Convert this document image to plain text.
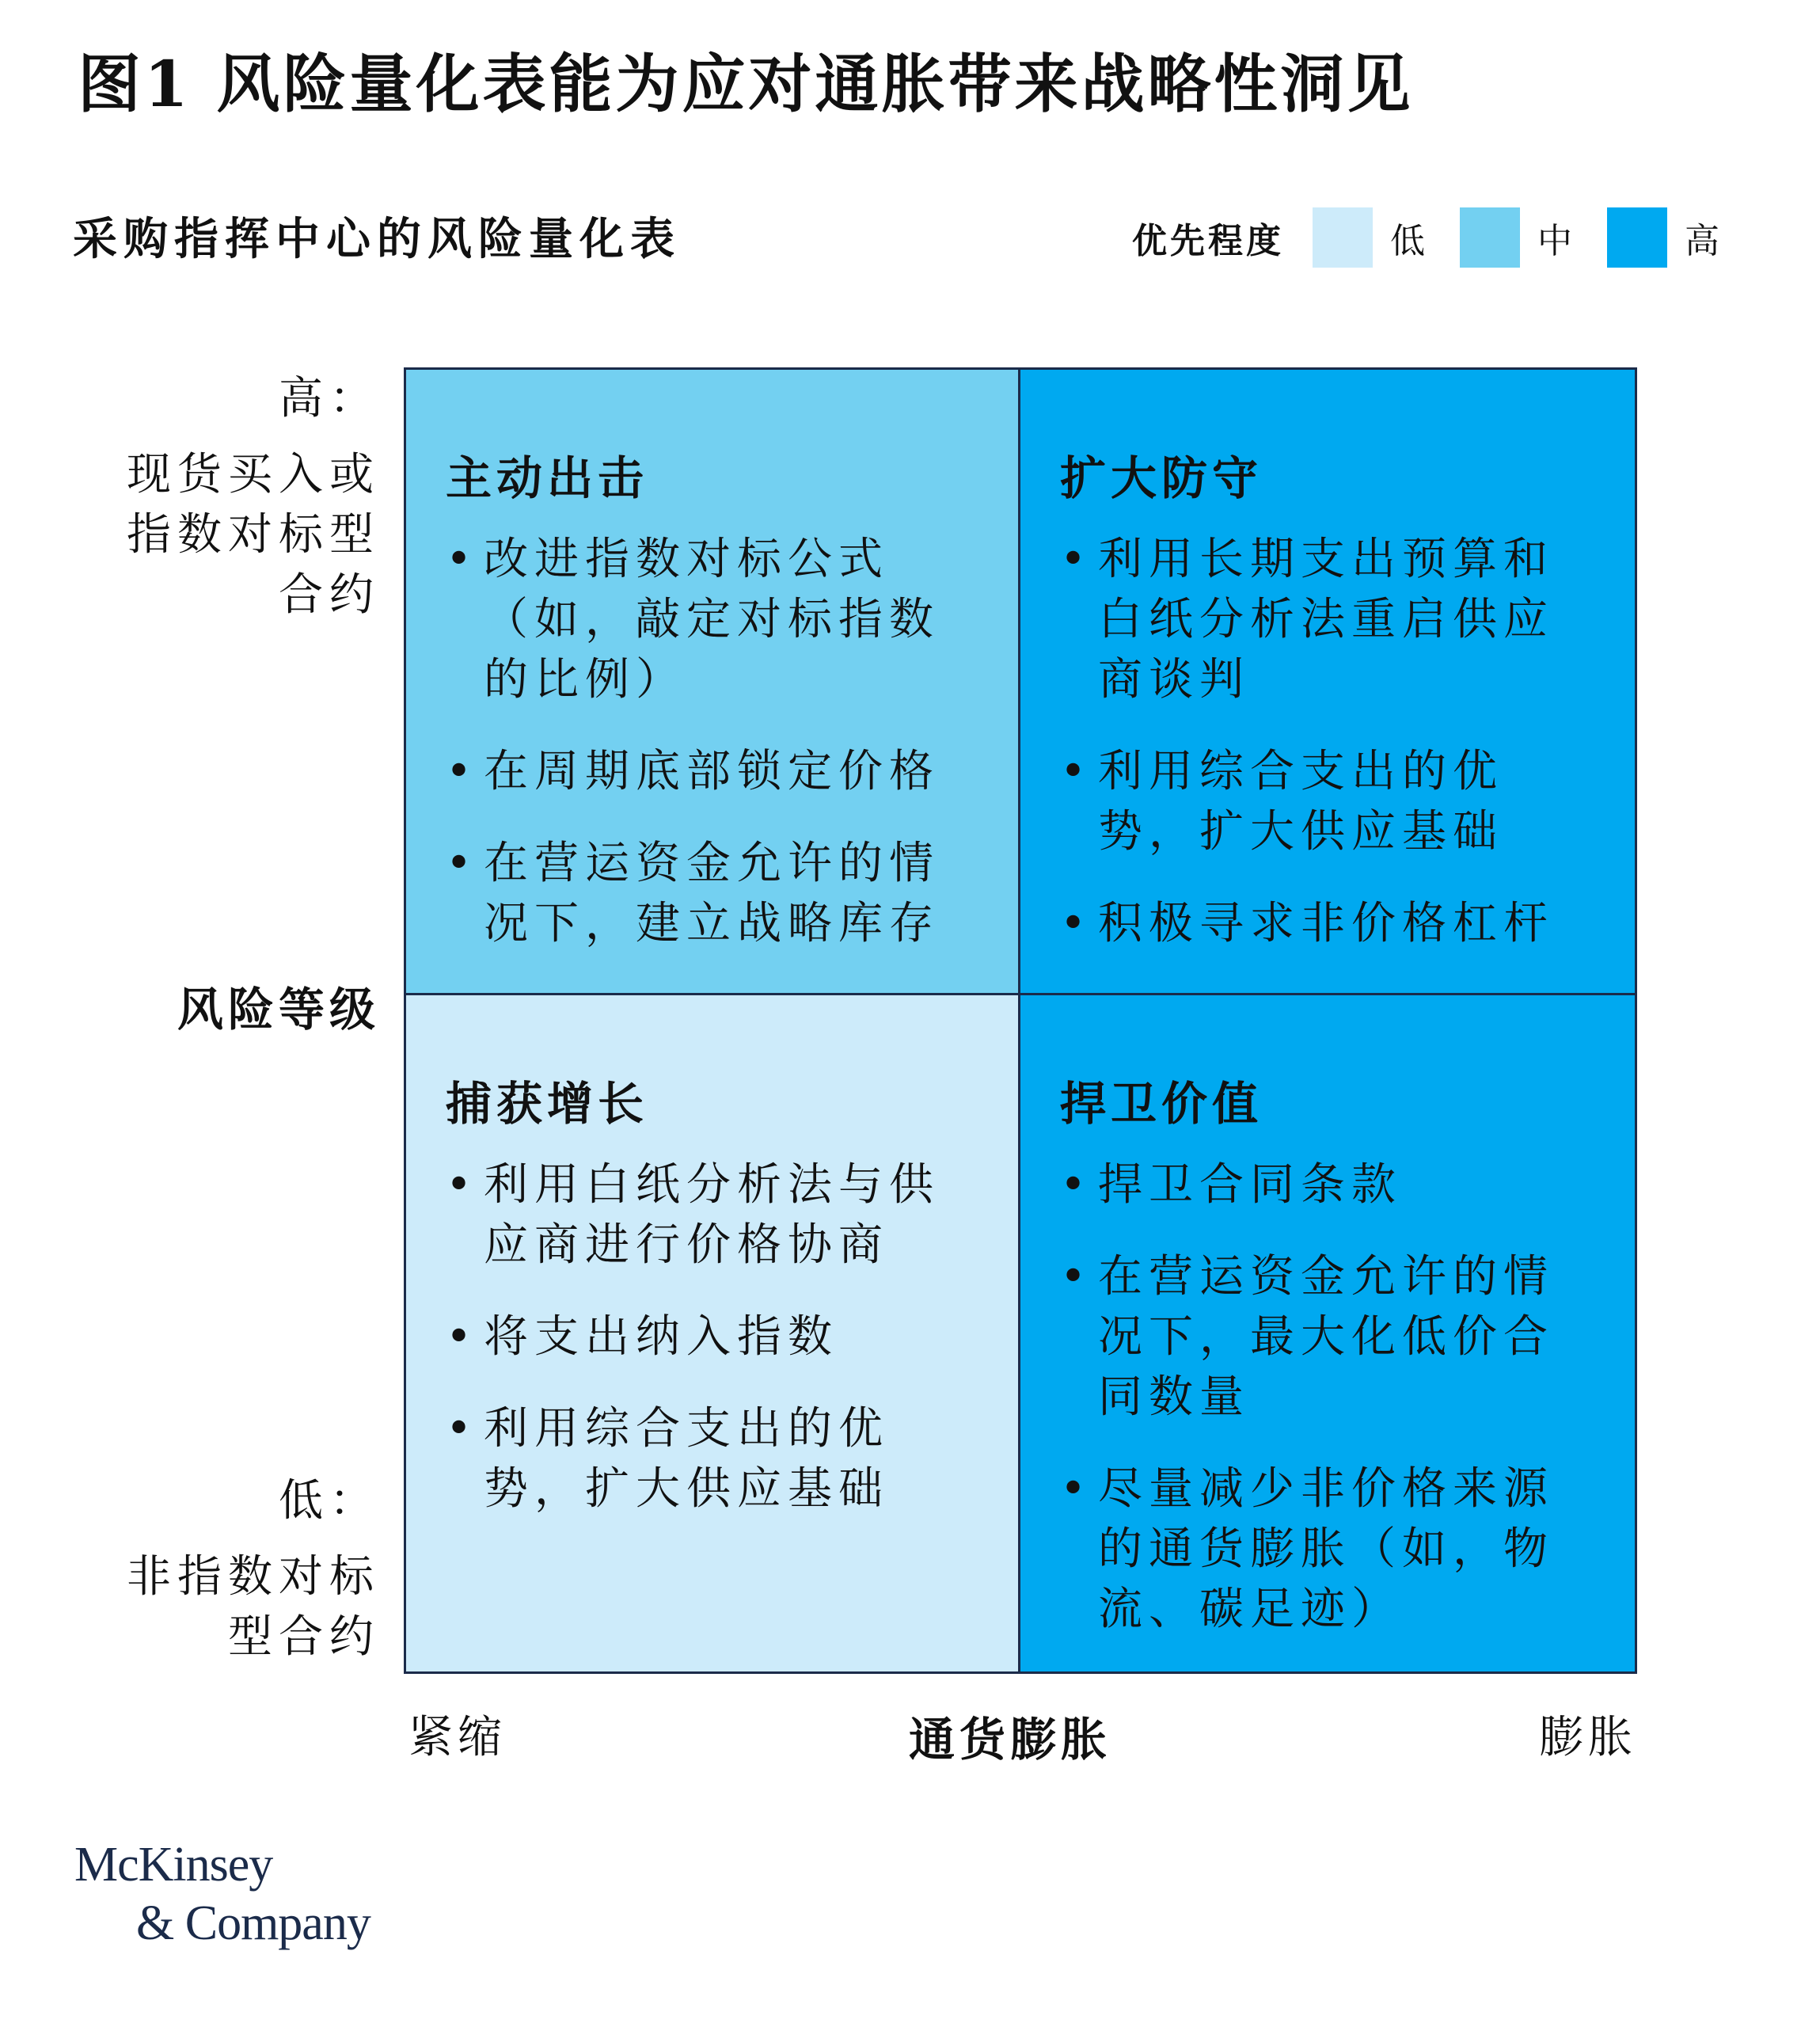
图1 风险量化表能为应对通胀带来战略性洞见
采购指挥中心的风险量化表	优先程度	低	中	高
高：
现货买入或
指数对标型
合约
风险等级
低：
非指数对标
型合约
主动出击
• 改进指数对标公式（如，敲定对标指数的比例）
• 在周期底部锁定价格
• 在营运资金允许的情况下，建立战略库存
扩大防守
• 利用长期支出预算和白纸分析法重启供应商谈判
• 利用综合支出的优势，扩大供应基础
• 积极寻求非价格杠杆
捕获增长
• 利用白纸分析法与供应商进行价格协商
• 将支出纳入指数
• 利用综合支出的优势，扩大供应基础
捍卫价值
• 捍卫合同条款
• 在营运资金允许的情况下，最大化低价合同数量
• 尽量减少非价格来源的通货膨胀（如，物流、碳足迹）
紧缩	通货膨胀	膨胀
McKinsey
& Company
